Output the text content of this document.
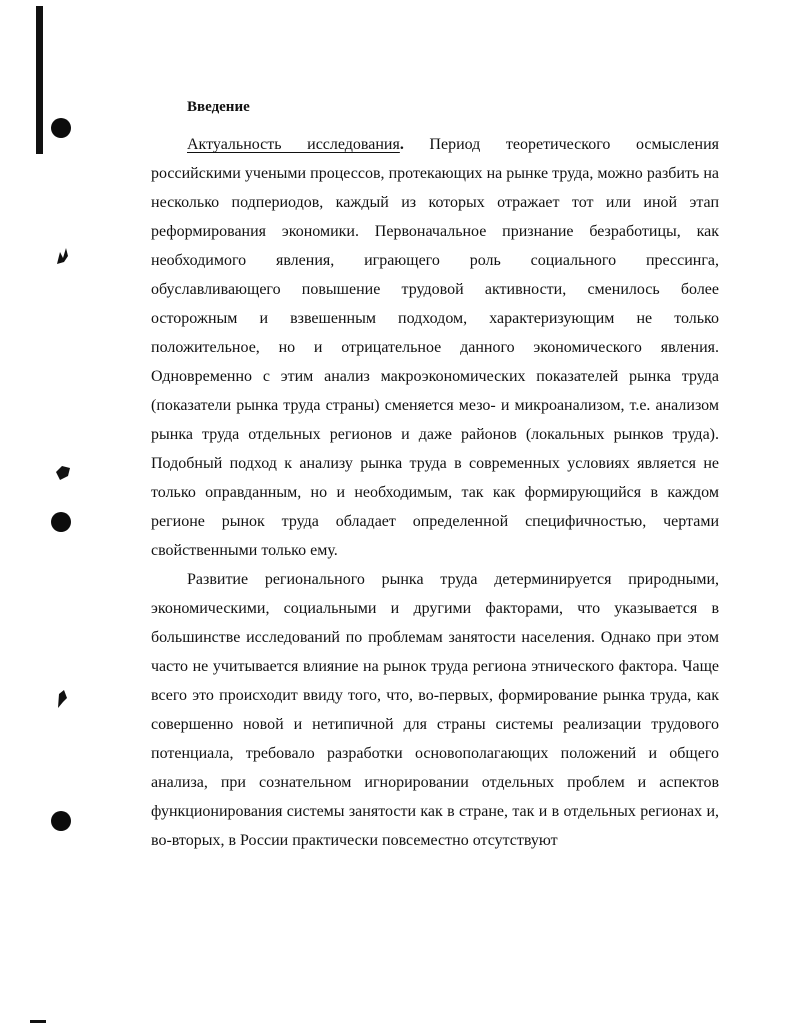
Введение

Актуальность исследования. Период теоретического осмысления российскими учеными процессов, протекающих на рынке труда, можно разбить на несколько подпериодов, каждый из которых отражает тот или иной этап реформирования экономики. Первоначальное признание безработицы, как необходимого явления, играющего роль социального прессинга, обуславливающего повышение трудовой активности, сменилось более осторожным и взвешенным подходом, характеризующим не только положительное, но и отрицательное данного экономического явления. Одновременно с этим анализ макроэкономических показателей рынка труда (показатели рынка труда страны) сменяется мезо- и микроанализом, т.е. анализом рынка труда отдельных регионов и даже районов (локальных рынков труда). Подобный подход к анализу рынка труда в современных условиях является не только оправданным, но и необходимым, так как формирующийся в каждом регионе рынок труда обладает определенной специфичностью, чертами свойственными только ему.

Развитие регионального рынка труда детерминируется природными, экономическими, социальными и другими факторами, что указывается в большинстве исследований по проблемам занятости населения. Однако при этом часто не учитывается влияние на рынок труда региона этнического фактора. Чаще всего это происходит ввиду того, что, во-первых, формирование рынка труда, как совершенно новой и нетипичной для страны системы реализации трудового потенциала, требовало разработки основополагающих положений и общего анализа, при сознательном игнорировании отдельных проблем и аспектов функционирования системы занятости как в стране, так и в отдельных регионах и, во-вторых, в России практически повсеместно отсутствуют
